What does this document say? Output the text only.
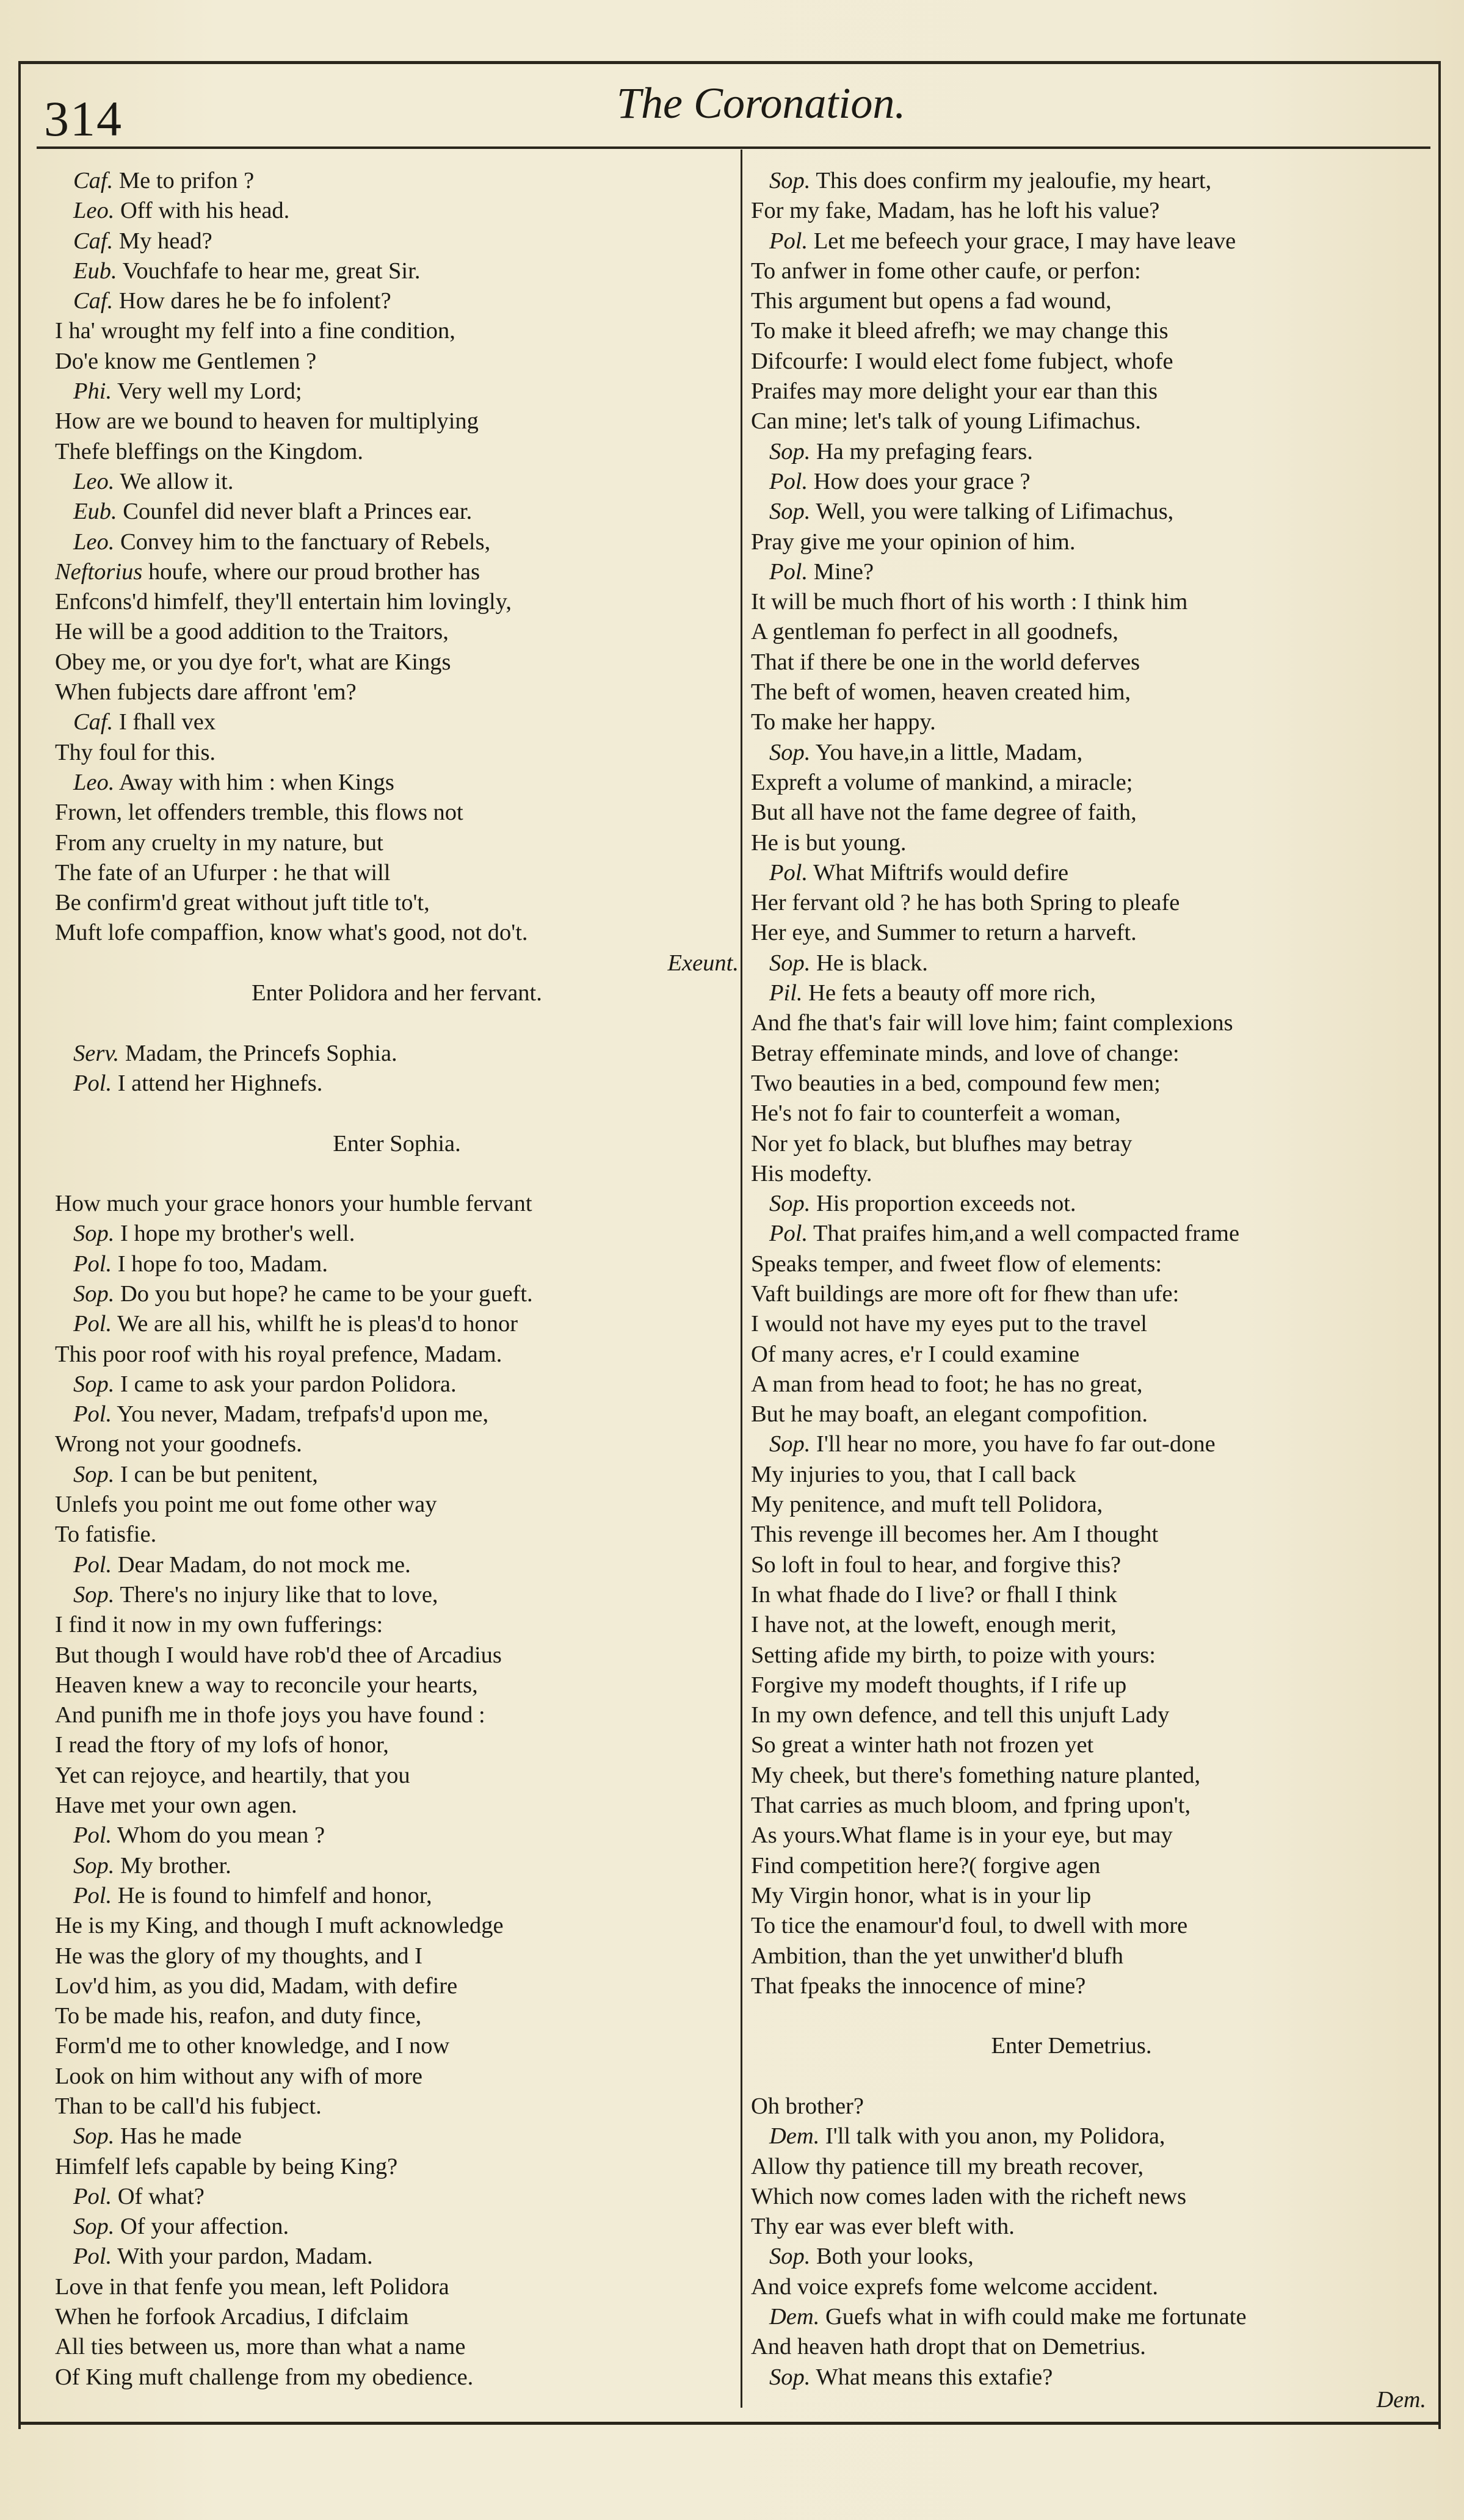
314	The Coronation.
Caf. Me to prifon ?
Leo. Off with his head.
Caf. My head?
Eub. Vouchfafe to hear me, great Sir.
Caf. How dares he be fo infolent?
I ha' wrought my felf into a fine condition,
Do'e know me Gentlemen ?
Phi. Very well my Lord;
How are we bound to heaven for multiplying
Thefe bleffings on the Kingdom.
Leo. We allow it.
Eub. Counfel did never blaft a Princes ear.
Leo. Convey him to the fanctuary of Rebels,
Neftorius houfe, where our proud brother has
Enfcons'd himfelf, they'll entertain him lovingly,
He will be a good addition to the Traitors,
Obey me, or you dye for't, what are Kings
When fubjects dare affront 'em?
Caf. I fhall vex
Thy foul for this.
Leo. Away with him : when Kings
Frown, let offenders tremble, this flows not
From any cruelty in my nature, but
The fate of an Ufurper : he that will
Be confirm'd great without juft title to't,
Muft lofe compaffion, know what's good, not do't.
Exeunt.
Enter Polidora and her fervant.
Serv. Madam, the Princefs Sophia.
Pol. I attend her Highnefs.
Enter Sophia.
How much your grace honors your humble fervant
Sop. I hope my brother's well.
Pol. I hope fo too, Madam.
Sop. Do you but hope? he came to be your gueft.
Pol. We are all his, whilft he is pleas'd to honor
This poor roof with his royal prefence, Madam.
Sop. I came to ask your pardon Polidora.
Pol. You never, Madam, trefpafs'd upon me,
Wrong not your goodnefs.
Sop. I can be but penitent,
Unlefs you point me out fome other way
To fatisfie.
Pol. Dear Madam, do not mock me.
Sop. There's no injury like that to love,
I find it now in my own fufferings:
But though I would have rob'd thee of Arcadius
Heaven knew a way to reconcile your hearts,
And punifh me in thofe joys you have found :
I read the ftory of my lofs of honor,
Yet can rejoyce, and heartily, that you
Have met your own agen.
Pol. Whom do you mean ?
Sop. My brother.
Pol. He is found to himfelf and honor,
He is my King, and though I muft acknowledge
He was the glory of my thoughts, and I
Lov'd him, as you did, Madam, with defire
To be made his, reafon, and duty fince,
Form'd me to other knowledge, and I now
Look on him without any wifh of more
Than to be call'd his fubject.
Sop. Has he made
Himfelf lefs capable by being King?
Pol. Of what?
Sop. Of your affection.
Pol. With your pardon, Madam.
Love in that fenfe you mean, left Polidora
When he forfook Arcadius, I difclaim
All ties between us, more than what a name
Of King muft challenge from my obedience.
Sop. This does confirm my jealoufie, my heart,
For my fake, Madam, has he loft his value?
Pol. Let me befeech your grace, I may have leave
To anfwer in fome other caufe, or perfon:
This argument but opens a fad wound,
To make it bleed afrefh; we may change this
Difcourfe: I would elect fome fubject, whofe
Praifes may more delight your ear than this
Can mine; let's talk of young Lifimachus.
Sop. Ha my prefaging fears.
Pol. How does your grace ?
Sop. Well, you were talking of Lifimachus,
Pray give me your opinion of him.
Pol. Mine?
It will be much fhort of his worth : I think him
A gentleman fo perfect in all goodnefs,
That if there be one in the world deferves
The beft of women, heaven created him,
To make her happy.
Sop. You have,in a little, Madam,
Expreft a volume of mankind, a miracle;
But all have not the fame degree of faith,
He is but young.
Pol. What Miftrifs would defire
Her fervant old ? he has both Spring to pleafe
Her eye, and Summer to return a harveft.
Sop. He is black.
Pil. He fets a beauty off more rich,
And fhe that's fair will love him; faint complexions
Betray effeminate minds, and love of change:
Two beauties in a bed, compound few men;
He's not fo fair to counterfeit a woman,
Nor yet fo black, but blufhes may betray
His modefty.
Sop. His proportion exceeds not.
Pol. That praifes him,and a well compacted frame
Speaks temper, and fweet flow of elements:
Vaft buildings are more oft for fhew than ufe:
I would not have my eyes put to the travel
Of many acres, e'r I could examine
A man from head to foot; he has no great,
But he may boaft, an elegant compofition.
Sop. I'll hear no more, you have fo far out-done
My injuries to you, that I call back
My penitence, and muft tell Polidora,
This revenge ill becomes her. Am I thought
So loft in foul to hear, and forgive this?
In what fhade do I live? or fhall I think
I have not, at the loweft, enough merit,
Setting afide my birth, to poize with yours:
Forgive my modeft thoughts, if I rife up
In my own defence, and tell this unjuft Lady
So great a winter hath not frozen yet
My cheek, but there's fomething nature planted,
That carries as much bloom, and fpring upon't,
As yours.What flame is in your eye, but may
Find competition here?( forgive agen
My Virgin honor, what is in your lip
To tice the enamour'd foul, to dwell with more
Ambition, than the yet unwither'd blufh
That fpeaks the innocence of mine?
Enter Demetrius.
Oh brother?
Dem. I'll talk with you anon, my Polidora,
Allow thy patience till my breath recover,
Which now comes laden with the richeft news
Thy ear was ever bleft with.
Sop. Both your looks,
And voice exprefs fome welcome accident.
Dem. Guefs what in wifh could make me fortunate
And heaven hath dropt that on Demetrius.
Sop. What means this extafie?
Dem.
